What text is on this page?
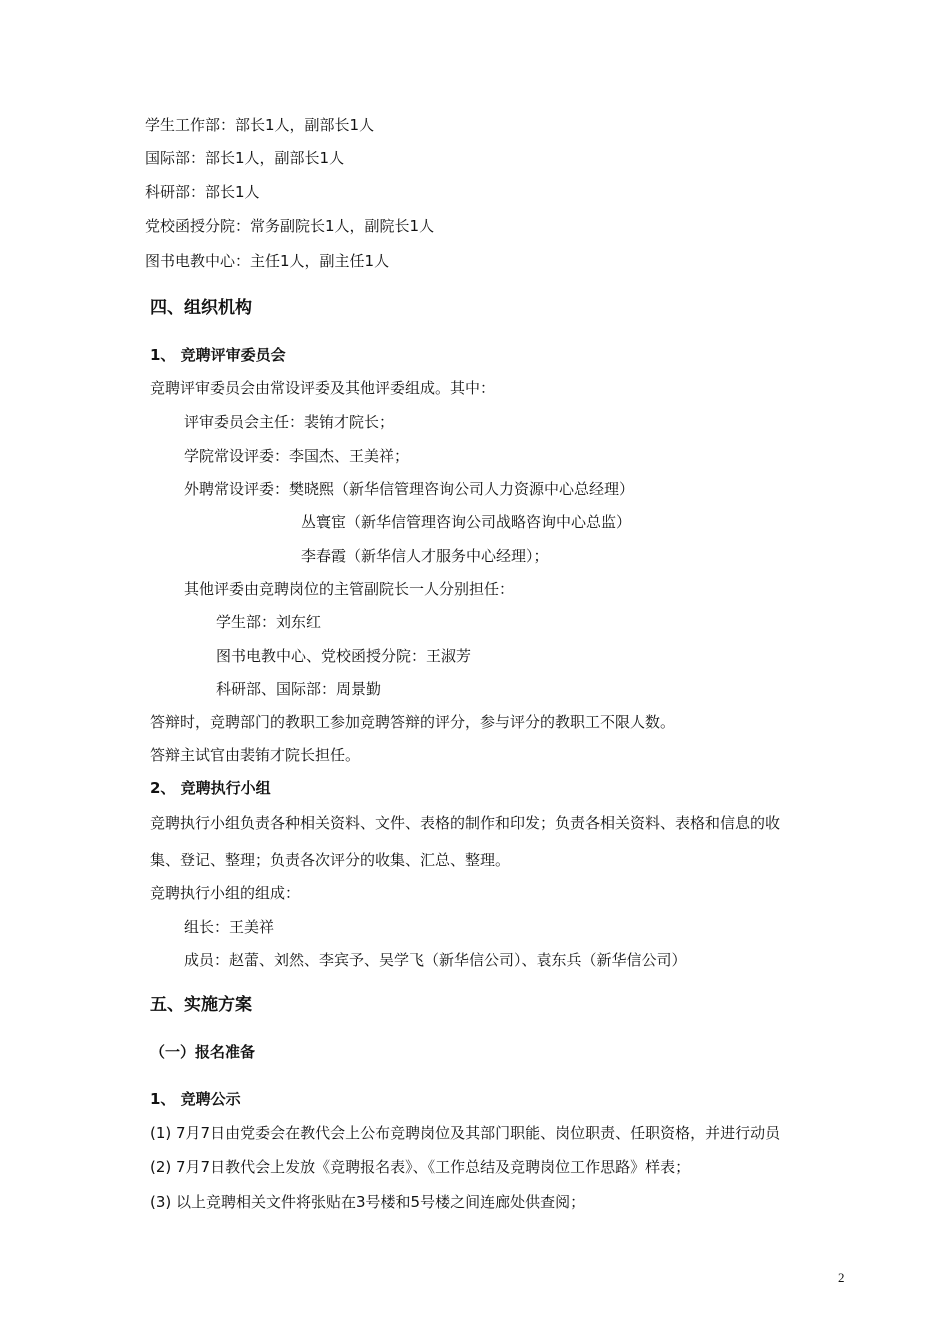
学生工作部：部长1人，副部长1人
国际部：部长1人，副部长1人
科研部：部长1人
党校函授分院：常务副院长1人，副院长1人
图书电教中心：主任1人，副主任1人
四、组织机构
1、 竞聘评审委员会
竞聘评审委员会由常设评委及其他评委组成。其中：
评审委员会主任：裴铕才院长；
学院常设评委：李国杰、王美祥；
外聘常设评委：樊晓熙（新华信管理咨询公司人力资源中心总经理）
丛寰宦（新华信管理咨询公司战略咨询中心总监）
李春霞（新华信人才服务中心经理）；
其他评委由竞聘岗位的主管副院长一人分别担任：
学生部：刘东红
图书电教中心、党校函授分院：王淑芳
科研部、国际部：周景勤
答辩时，竞聘部门的教职工参加竞聘答辩的评分，参与评分的教职工不限人数。
答辩主试官由裴铕才院长担任。
2、 竞聘执行小组
竞聘执行小组负责各种相关资料、文件、表格的制作和印发；负责各相关资料、表格和信息的收
集、登记、整理；负责各次评分的收集、汇总、整理。
竞聘执行小组的组成：
组长：王美祥
成员：赵蕾、刘然、李宾予、吴学飞（新华信公司）、袁东兵（新华信公司）
五、实施方案
（一）报名准备
1、 竞聘公示
(1) 7月7日由党委会在教代会上公布竞聘岗位及其部门职能、岗位职责、任职资格，并进行动员
(2) 7月7日教代会上发放《竞聘报名表》、《工作总结及竞聘岗位工作思路》样表；
(3) 以上竞聘相关文件将张贴在3号楼和5号楼之间连廊处供查阅；
2
